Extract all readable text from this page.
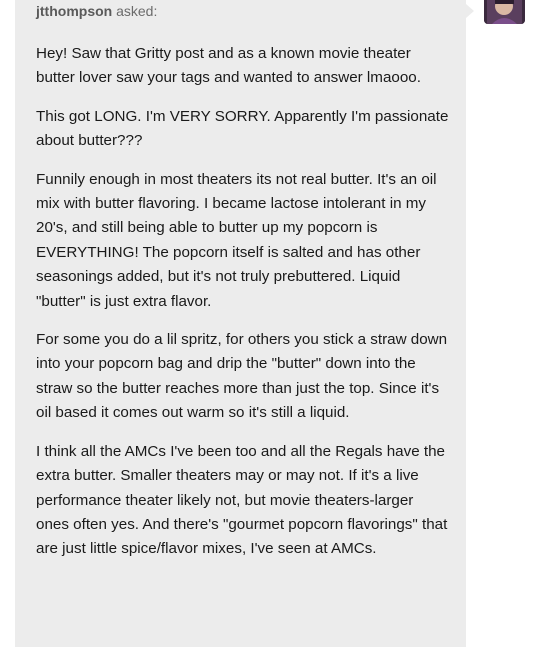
jtthompson asked:

Hey! Saw that Gritty post and as a known movie theater butter lover saw your tags and wanted to answer lmaooo.

This got LONG. I'm VERY SORRY. Apparently I'm passionate about butter???

Funnily enough in most theaters its not real butter. It's an oil mix with butter flavoring. I became lactose intolerant in my 20's, and still being able to butter up my popcorn is EVERYTHING! The popcorn itself is salted and has other seasonings added, but it's not truly prebuttered. Liquid "butter" is just extra flavor.

For some you do a lil spritz, for others you stick a straw down into your popcorn bag and drip the "butter" down into the straw so the butter reaches more than just the top. Since it's oil based it comes out warm so it's still a liquid.

I think all the AMCs I've been too and all the Regals have the extra butter. Smaller theaters may or may not. If it's a live performance theater likely not, but movie theaters-larger ones often yes. And there's "gourmet popcorn flavorings" that are just little spice/flavor mixes, I've seen at AMCs.
